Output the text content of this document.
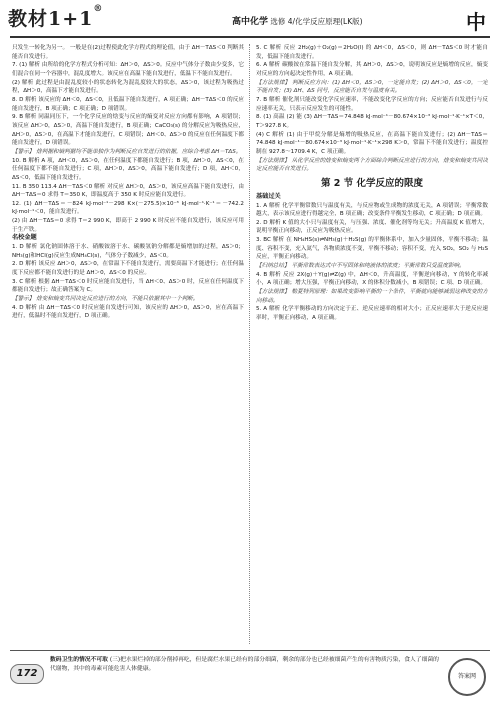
教材1+1®
高中化学 选修 4/化学反应原理(LK版)	中

只发生一转化为另一。 一般是在(2)过程使此化学方程式的理论值，由于 ΔH－TΔS＜0 判断其能否自发进行。

7. (1) 解析 由所给的化学方程式分析可知：ΔH＞0，ΔS＞0。反应中气体分子数由少变多，它们混合在同一个容器中，混乱度增大。该反应在高温下能自发进行，低温下不能自发进行。

(2) 解析 此过程是由混乱度较小的状态转化为混乱度较大的状态，ΔS＞0，该过程为吸热过程，ΔH＞0，高温下才能自发进行。

8. D 解析 该反应的 ΔH＜0，ΔS＜0，且低温下能自发进行，A 项正确；ΔH－TΔS＜0 的反应能自发进行，B 项正确；C 项正确；D 项错误。

9. B 解析 同温同压下，一个化学反应的焓变与反应的熵变对反应方向都有影响，A 项错误；该反应 ΔH＞0，ΔS＞0，高温下能自发进行，B 项正确；CaCO₃(s) 的分解反应为吸热反应，ΔH＞0，ΔS＞0，在高温下才能自发进行，C 项错误；ΔH＜0、ΔS＞0 的反应在任何温度下都能自发进行，D 项错误。

【警示】 焓判据和熵判据均不能单独作为判断反应自发进行的依据，应综合考虑 ΔH－TΔS。

10. B 解析 A 项，ΔH＜0，ΔS＞0，在任何温度下都能自发进行；B 项，ΔH＞0，ΔS＜0，在任何温度下都不能自发进行；C 项，ΔH＞0，ΔS＞0，高温下能自发进行；D 项，ΔH＜0，ΔS＜0，低温下能自发进行。

11. B 350 113.4 ΔH－TΔS＜0 解析 对反应 ΔH＞0，ΔS＞0，该反应高温下能自发进行，由 ΔH－TΔS＝0 求得 T＝350 K，即温度高于 350 K 时反应能自发进行。

12. (1) ΔH－TΔS＝－824 kJ·mol⁻¹－298 K×(－275.5)×10⁻³ kJ·mol⁻¹·K⁻¹＝－742.2 kJ·mol⁻¹＜0，能自发进行。

(2) 由 ΔH－TΔS＝0 求得 T＝2 990 K，即高于 2 990 K 时反应不能自发进行，该反应可用于生产铁。

名校金题

1. D 解析 氯化钠固体溶于水、硝酸铵溶于水、碳酸氢钠分解都是熵增加的过程，ΔS＞0；NH₃(g)和HCl(g)反应生成NH₄Cl(s)，气体分子数减少，ΔS＜0。

2. D 解析 该反应 ΔH＞0，ΔS＞0，在常温下不能自发进行，需要高温下才能进行；在任何温度下反应都不能自发进行的是 ΔH＞0，ΔS＜0 的反应。

3. C 解析 根据 ΔH－TΔS＜0 时反应能自发进行，当 ΔH＜0、ΔS＞0 时，反应在任何温度下都能自发进行；故正确答案为 C。

【警示】 焓变和熵变共同决定反应进行的方向，不能只依据其中一个判断。

4. D 解析 由 ΔH－TΔS＜0 时反应能自发进行可知，该反应的 ΔH＞0，ΔS＞0，应在高温下进行，低温时不能自发进行，D 项正确。

5. C 解析 反应 2H₂(g)＋O₂(g)＝2H₂O(l) 的 ΔH＜0，ΔS＜0，则 ΔH－TΔS＜0 时才能自发，低温下能自发进行。

6. A 解析 碳酸铵在常温下能自发分解，其 ΔH＞0，ΔS＞0，说明该反应是熵增的反应，熵变对反应的方向起决定性作用，A 项正确。

【方法规律】 判断反应方向：(1) ΔH＜0，ΔS＞0，一定能自发；(2) ΔH＞0，ΔS＜0，一定不能自发；(3) ΔH、ΔS 同号，反应能否自发与温度有关。

7. B 解析 催化剂只能改变化学反应速率，不能改变化学反应的方向；反应能否自发进行与反应速率无关，只表示反应发生的可能性。

8. (1) 高温 (2) 能 (3) ΔH－TΔS＝74.848 kJ·mol⁻¹－80.674×10⁻³ kJ·mol⁻¹·K⁻¹×T＜0，T＞927.8 K。

(4) C 解析 (1) 由于甲烷分解是熵增的吸热反应，在高温下能自发进行；(2) ΔH－TΔS＝74.848 kJ·mol⁻¹－80.674×10⁻³ kJ·mol⁻¹·K⁻¹×298 K＞0，常温下不能自发进行；温度控制在 927.8～1709.4 K，C 项正确。

【方法规律】 从化学反应的焓变和熵变两个方面综合判断反应进行的方向，焓变和熵变共同决定反应能否自发进行。

第 2 节 化学反应的限度

基础过关

1. A 解析 化学平衡常数只与温度有关，与反应物或生成物的浓度无关，A 项错误；平衡常数越大，表示该反应进行得越完全，B 项正确；改变条件平衡发生移动，C 项正确；D 项正确。

2. D 解析 K 值的大小只与温度有关，与压强、浓度、催化剂等均无关；升高温度 K 值增大，说明平衡正向移动，正反应为吸热反应。

3. BC 解析 在 NH₄HS(s)⇌NH₃(g)＋H₂S(g) 的平衡体系中，加入少量固体，平衡不移动；温度、容积不变，充入氮气，各物质浓度不变，平衡不移动；容积不变，充入 SO₂，SO₂ 与 H₂S 反应，平衡正向移动。

【归纳总结】 平衡常数表达式中不写固体和纯液体的浓度；平衡常数只受温度影响。

4. B 解析 反应 2X(g)＋Y(g)⇌Z(g) 中，ΔH＜0，升高温度，平衡逆向移动，Y 的转化率减小，A 项正确；增大压强，平衡正向移动，X 的体积分数减小，B 项错误；C 项、D 项正确。

【方法规律】 勒夏特列原理：如果改变影响平衡的一个条件，平衡就向能够减弱这种改变的方向移动。

5. A 解析 化学平衡移动的方向决定于正、逆反应速率的相对大小；正反应速率大于逆反应速率时，平衡正向移动，A 项正确。

172
数码卫生的情况不可取 (三)把水果烂掉的部分削掉再吃，但是腐烂水果已经有的部分细菌，剩余的部分也已经被细菌产生的有害物质污染，食人了细菌的代谢物，其中的毒素可能危害人体健康。
答案网
